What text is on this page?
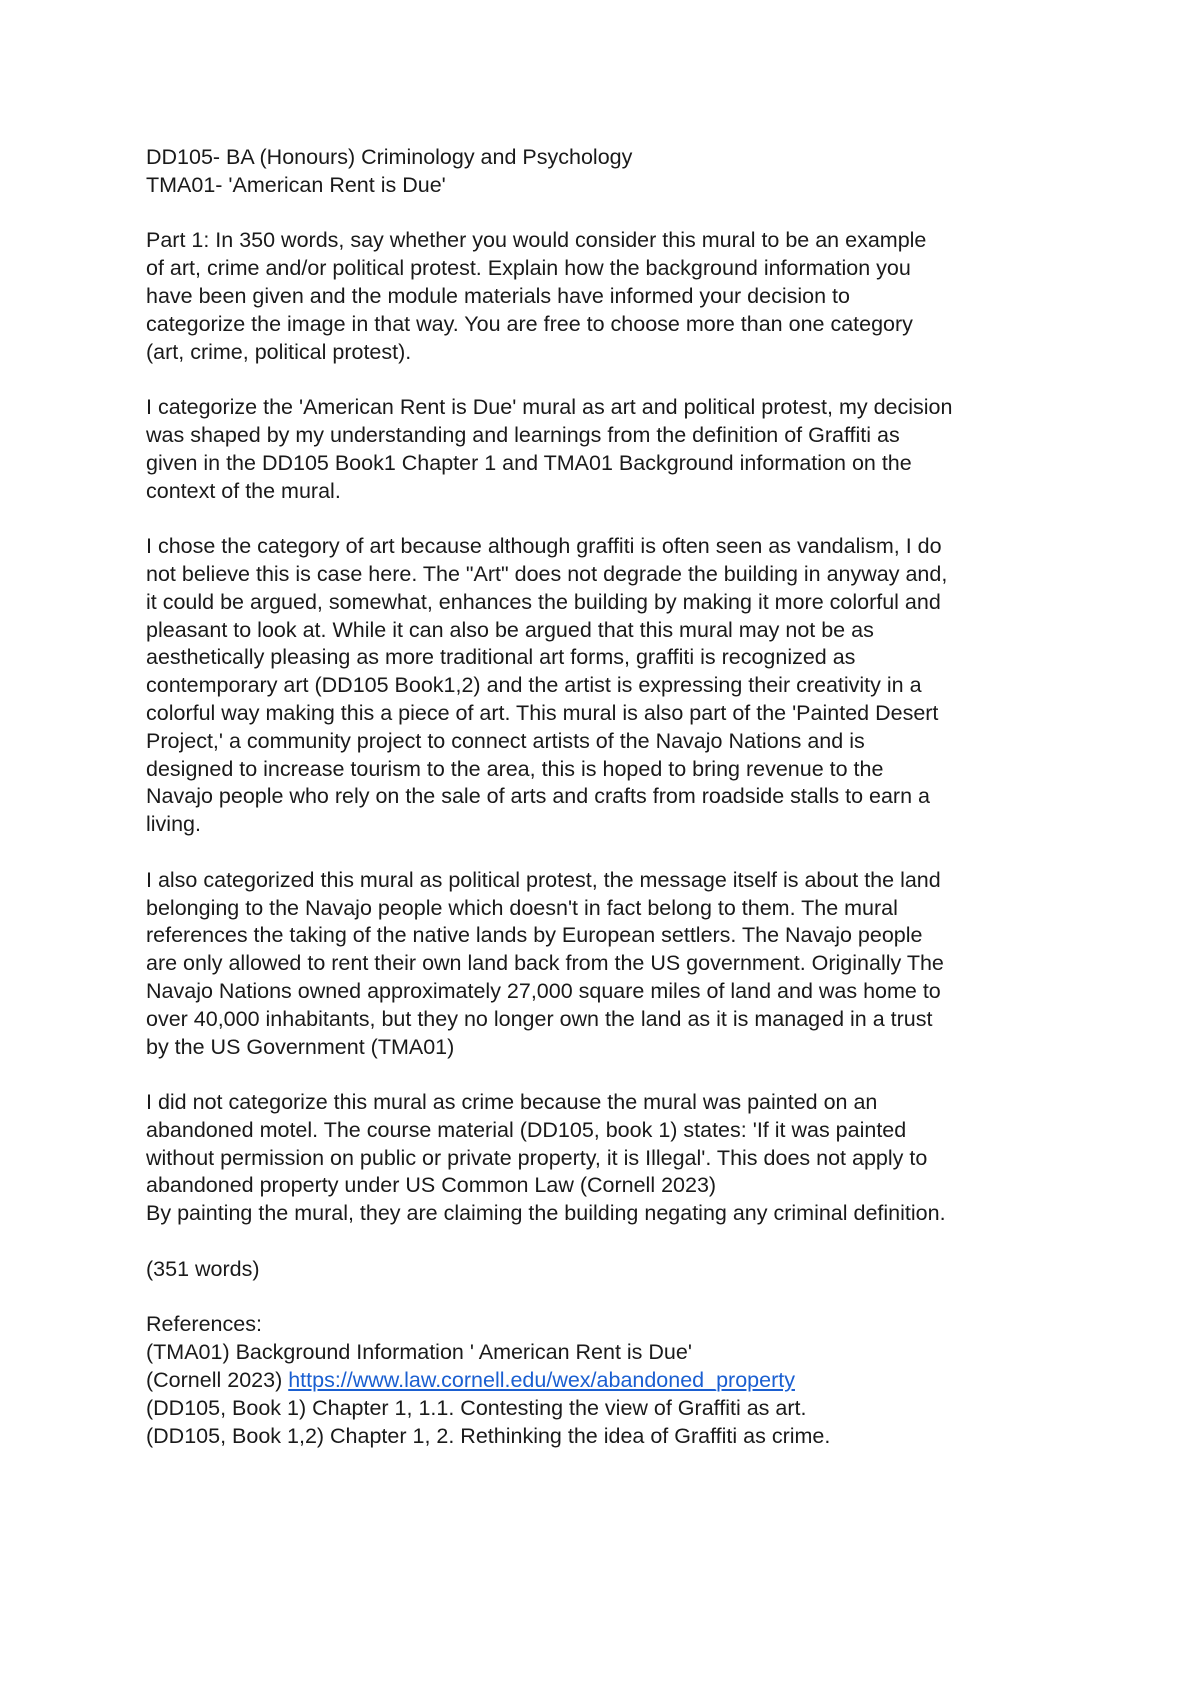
DD105- BA (Honours) Criminology and Psychology
TMA01- 'American Rent is Due'
Part 1: In 350 words, say whether you would consider this mural to be an example
of art, crime and/or political protest. Explain how the background information you
have been given and the module materials have informed your decision to
categorize the image in that way. You are free to choose more than one category
(art, crime, political protest).
I categorize the 'American Rent is Due' mural as art and political protest, my decision
was shaped by my understanding and learnings from the definition of Graffiti as
given in the DD105 Book1 Chapter 1 and TMA01 Background information on the
context of the mural.
I chose the category of art because although graffiti is often seen as vandalism, I do
not believe this is case here. The "Art" does not degrade the building in anyway and,
it could be argued, somewhat, enhances the building by making it more colorful and
pleasant to look at. While it can also be argued that this mural may not be as
aesthetically pleasing as more traditional art forms, graffiti is recognized as
contemporary art (DD105 Book1,2) and the artist is expressing their creativity in a
colorful way making this a piece of art. This mural is also part of the 'Painted Desert
Project,' a community project to connect artists of the Navajo Nations and is
designed to increase tourism to the area, this is hoped to bring revenue to the
Navajo people who rely on the sale of arts and crafts from roadside stalls to earn a
living.
I also categorized this mural as political protest, the message itself is about the land
belonging to the Navajo people which doesn't in fact belong to them. The mural
references the taking of the native lands by European settlers. The Navajo people
are only allowed to rent their own land back from the US government. Originally The
Navajo Nations owned approximately 27,000 square miles of land and was home to
over 40,000 inhabitants, but they no longer own the land as it is managed in a trust
by the US Government (TMA01)
I did not categorize this mural as crime because the mural was painted on an
abandoned motel. The course material (DD105, book 1) states: 'If it was painted
without permission on public or private property, it is Illegal'. This does not apply to
abandoned property under US Common Law (Cornell 2023)
By painting the mural, they are claiming the building negating any criminal definition.
(351 words)
References:
(TMA01) Background Information ' American Rent is Due'
(Cornell 2023) https://www.law.cornell.edu/wex/abandoned_property
(DD105, Book 1) Chapter 1, 1.1. Contesting the view of Graffiti as art.
(DD105, Book 1,2) Chapter 1, 2. Rethinking the idea of Graffiti as crime.
